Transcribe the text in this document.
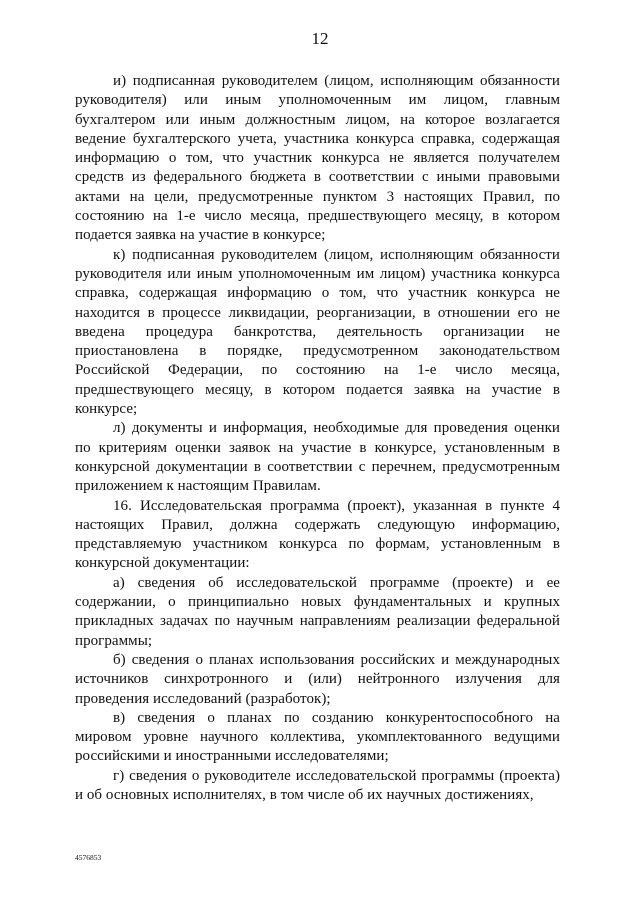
12

и) подписанная руководителем (лицом, исполняющим обязанности руководителя) или иным уполномоченным им лицом, главным бухгалтером или иным должностным лицом, на которое возлагается ведение бухгалтерского учета, участника конкурса справка, содержащая информацию о том, что участник конкурса не является получателем средств из федерального бюджета в соответствии с иными правовыми актами на цели, предусмотренные пунктом 3 настоящих Правил, по состоянию на 1-е число месяца, предшествующего месяцу, в котором подается заявка на участие в конкурсе;

к) подписанная руководителем (лицом, исполняющим обязанности руководителя или иным уполномоченным им лицом) участника конкурса справка, содержащая информацию о том, что участник конкурса не находится в процессе ликвидации, реорганизации, в отношении его не введена процедура банкротства, деятельность организации не приостановлена в порядке, предусмотренном законодательством Российской Федерации, по состоянию на 1-е число месяца, предшествующего месяцу, в котором подается заявка на участие в конкурсе;

л) документы и информация, необходимые для проведения оценки по критериям оценки заявок на участие в конкурсе, установленным в конкурсной документации в соответствии с перечнем, предусмотренным приложением к настоящим Правилам.

16. Исследовательская программа (проект), указанная в пункте 4 настоящих Правил, должна содержать следующую информацию, представляемую участником конкурса по формам, установленным в конкурсной документации:

а) сведения об исследовательской программе (проекте) и ее содержании, о принципиально новых фундаментальных и крупных прикладных задачах по научным направлениям реализации федеральной программы;

б) сведения о планах использования российских и международных источников синхротронного и (или) нейтронного излучения для проведения исследований (разработок);

в) сведения о планах по созданию конкурентоспособного на мировом уровне научного коллектива, укомплектованного ведущими российскими и иностранными исследователями;

г) сведения о руководителе исследовательской программы (проекта) и об основных исполнителях, в том числе об их научных достижениях,

4576853
